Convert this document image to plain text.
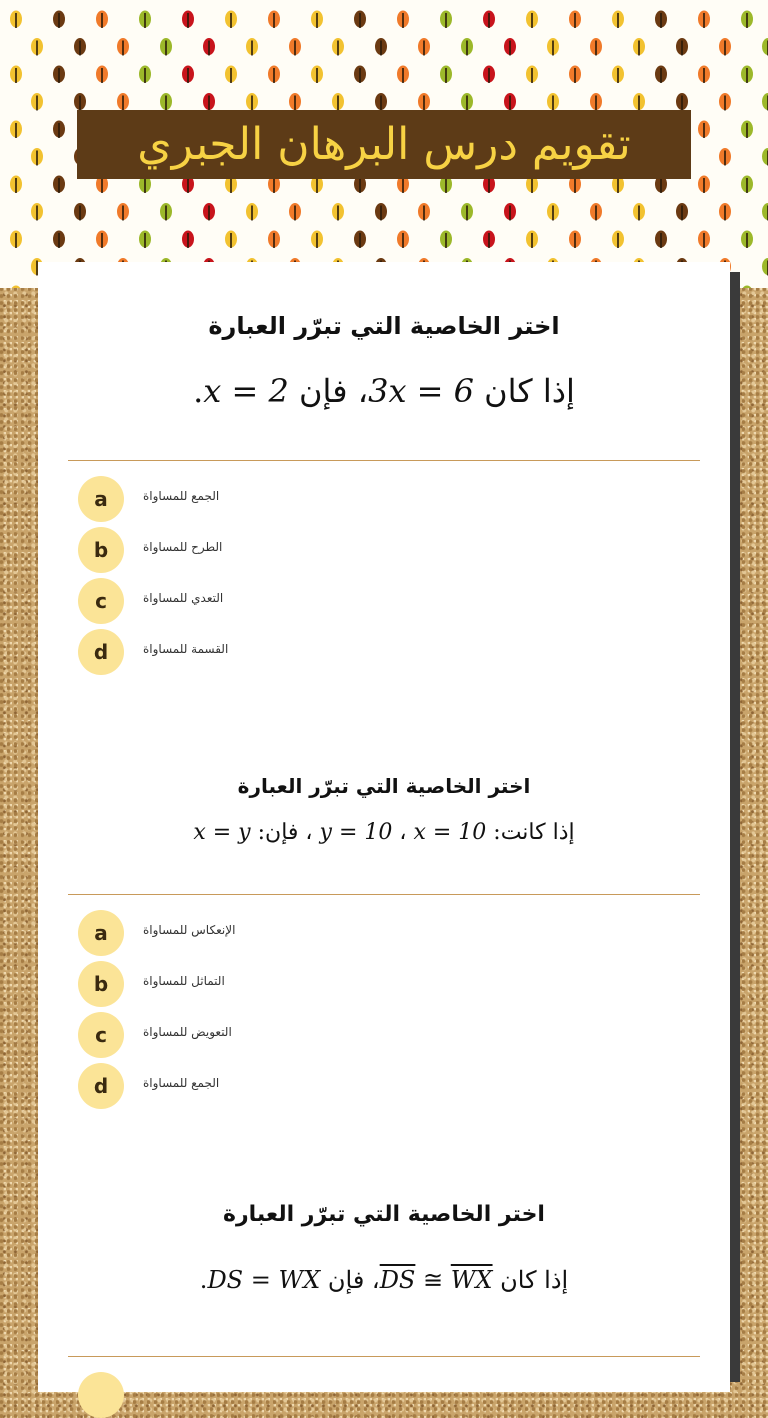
تقويم درس البرهان الجبري
اختر الخاصية التي تبرّر العبارة
إذا كان 3x = 6، فإن x = 2.
a	الجمع للمساواة
b	الطرح للمساواة
c	التعدي للمساواة
d	القسمة للمساواة
اختر الخاصية التي تبرّر العبارة
إذا كانت: x = 10 ، y = 10 ، فإن: x = y
a	الإنعكاس للمساواة
b	التماثل للمساواة
c	التعويض للمساواة
d	الجمع للمساواة
اختر الخاصية التي تبرّر العبارة
إذا كان $\overline{DS}$ ≅ $\overline{WX}،$ فإن DS = WX.
